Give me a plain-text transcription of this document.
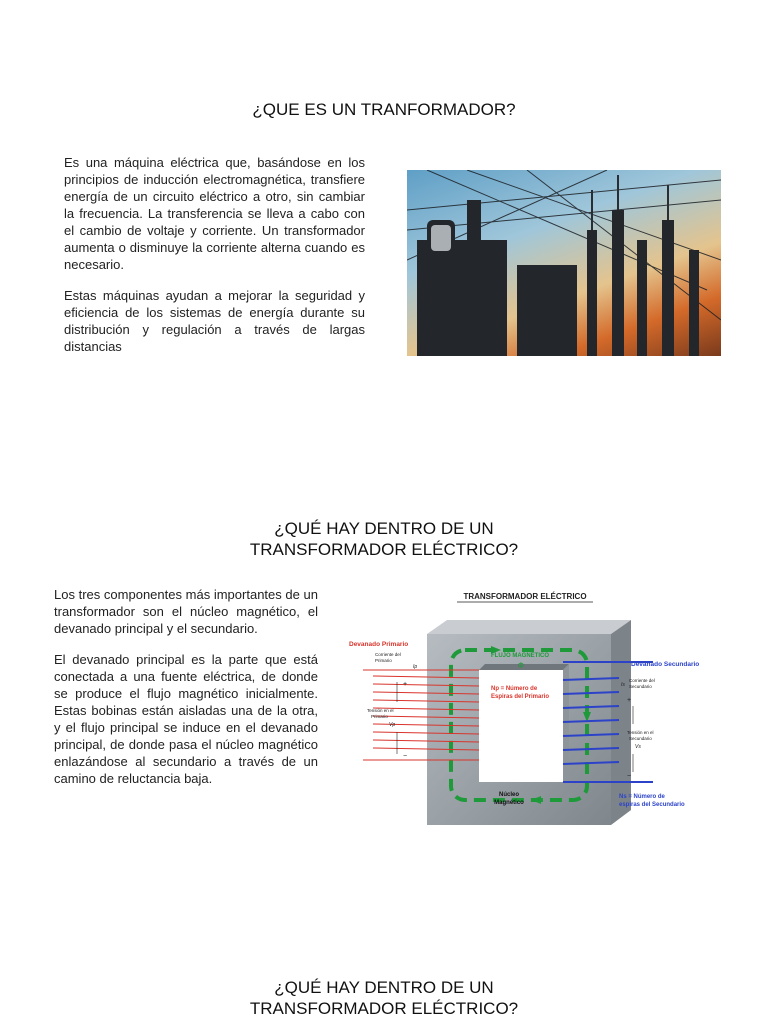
¿QUE ES UN TRANFORMADOR?

Es una máquina eléctrica que, basándose en los principios de inducción electromagnética, transfiere energía de un circuito eléctrico a otro, sin cambiar la frecuencia. La transferencia se lleva a cabo con el cambio de voltaje y corriente. Un transformador aumenta o disminuye la corriente alterna cuando es necesario.

Estas máquinas ayudan a mejorar la seguridad y eficiencia de los sistemas de energía durante su distribución y regulación a través de largas distancias

¿QUÉ HAY DENTRO DE UN
TRANSFORMADOR ELÉCTRICO?

Los tres componentes más importantes de un transformador son el núcleo magnético, el devanado principal y el secundario.

El devanado principal es la parte que está conectada a una fuente eléctrica, de donde se produce el flujo magnético inicialmente. Estas bobinas están aisladas una de la otra, y el flujo principal se induce en el devanado principal, de donde pasa el núcleo magnético enlazándose al secundario a través de un camino de reluctancia baja.

TRANSFORMADOR ELÉCTRICO
FLUJO MAGNÉTICO
Φ
Devanado Primario
Corriente del
Primario
Ip
+
−
Tensión en el
Primario
Vp
Np = Número de
Espiras del Primario
Devanado Secundario
Corriente del
Secundario
Is
+
−
Tensión en el
Secundario
Vs
Ns = Número de
espiras del Secundario
Núcleo
Magnético
¿QUÉ HAY DENTRO DE UN
TRANSFORMADOR ELÉCTRICO?
